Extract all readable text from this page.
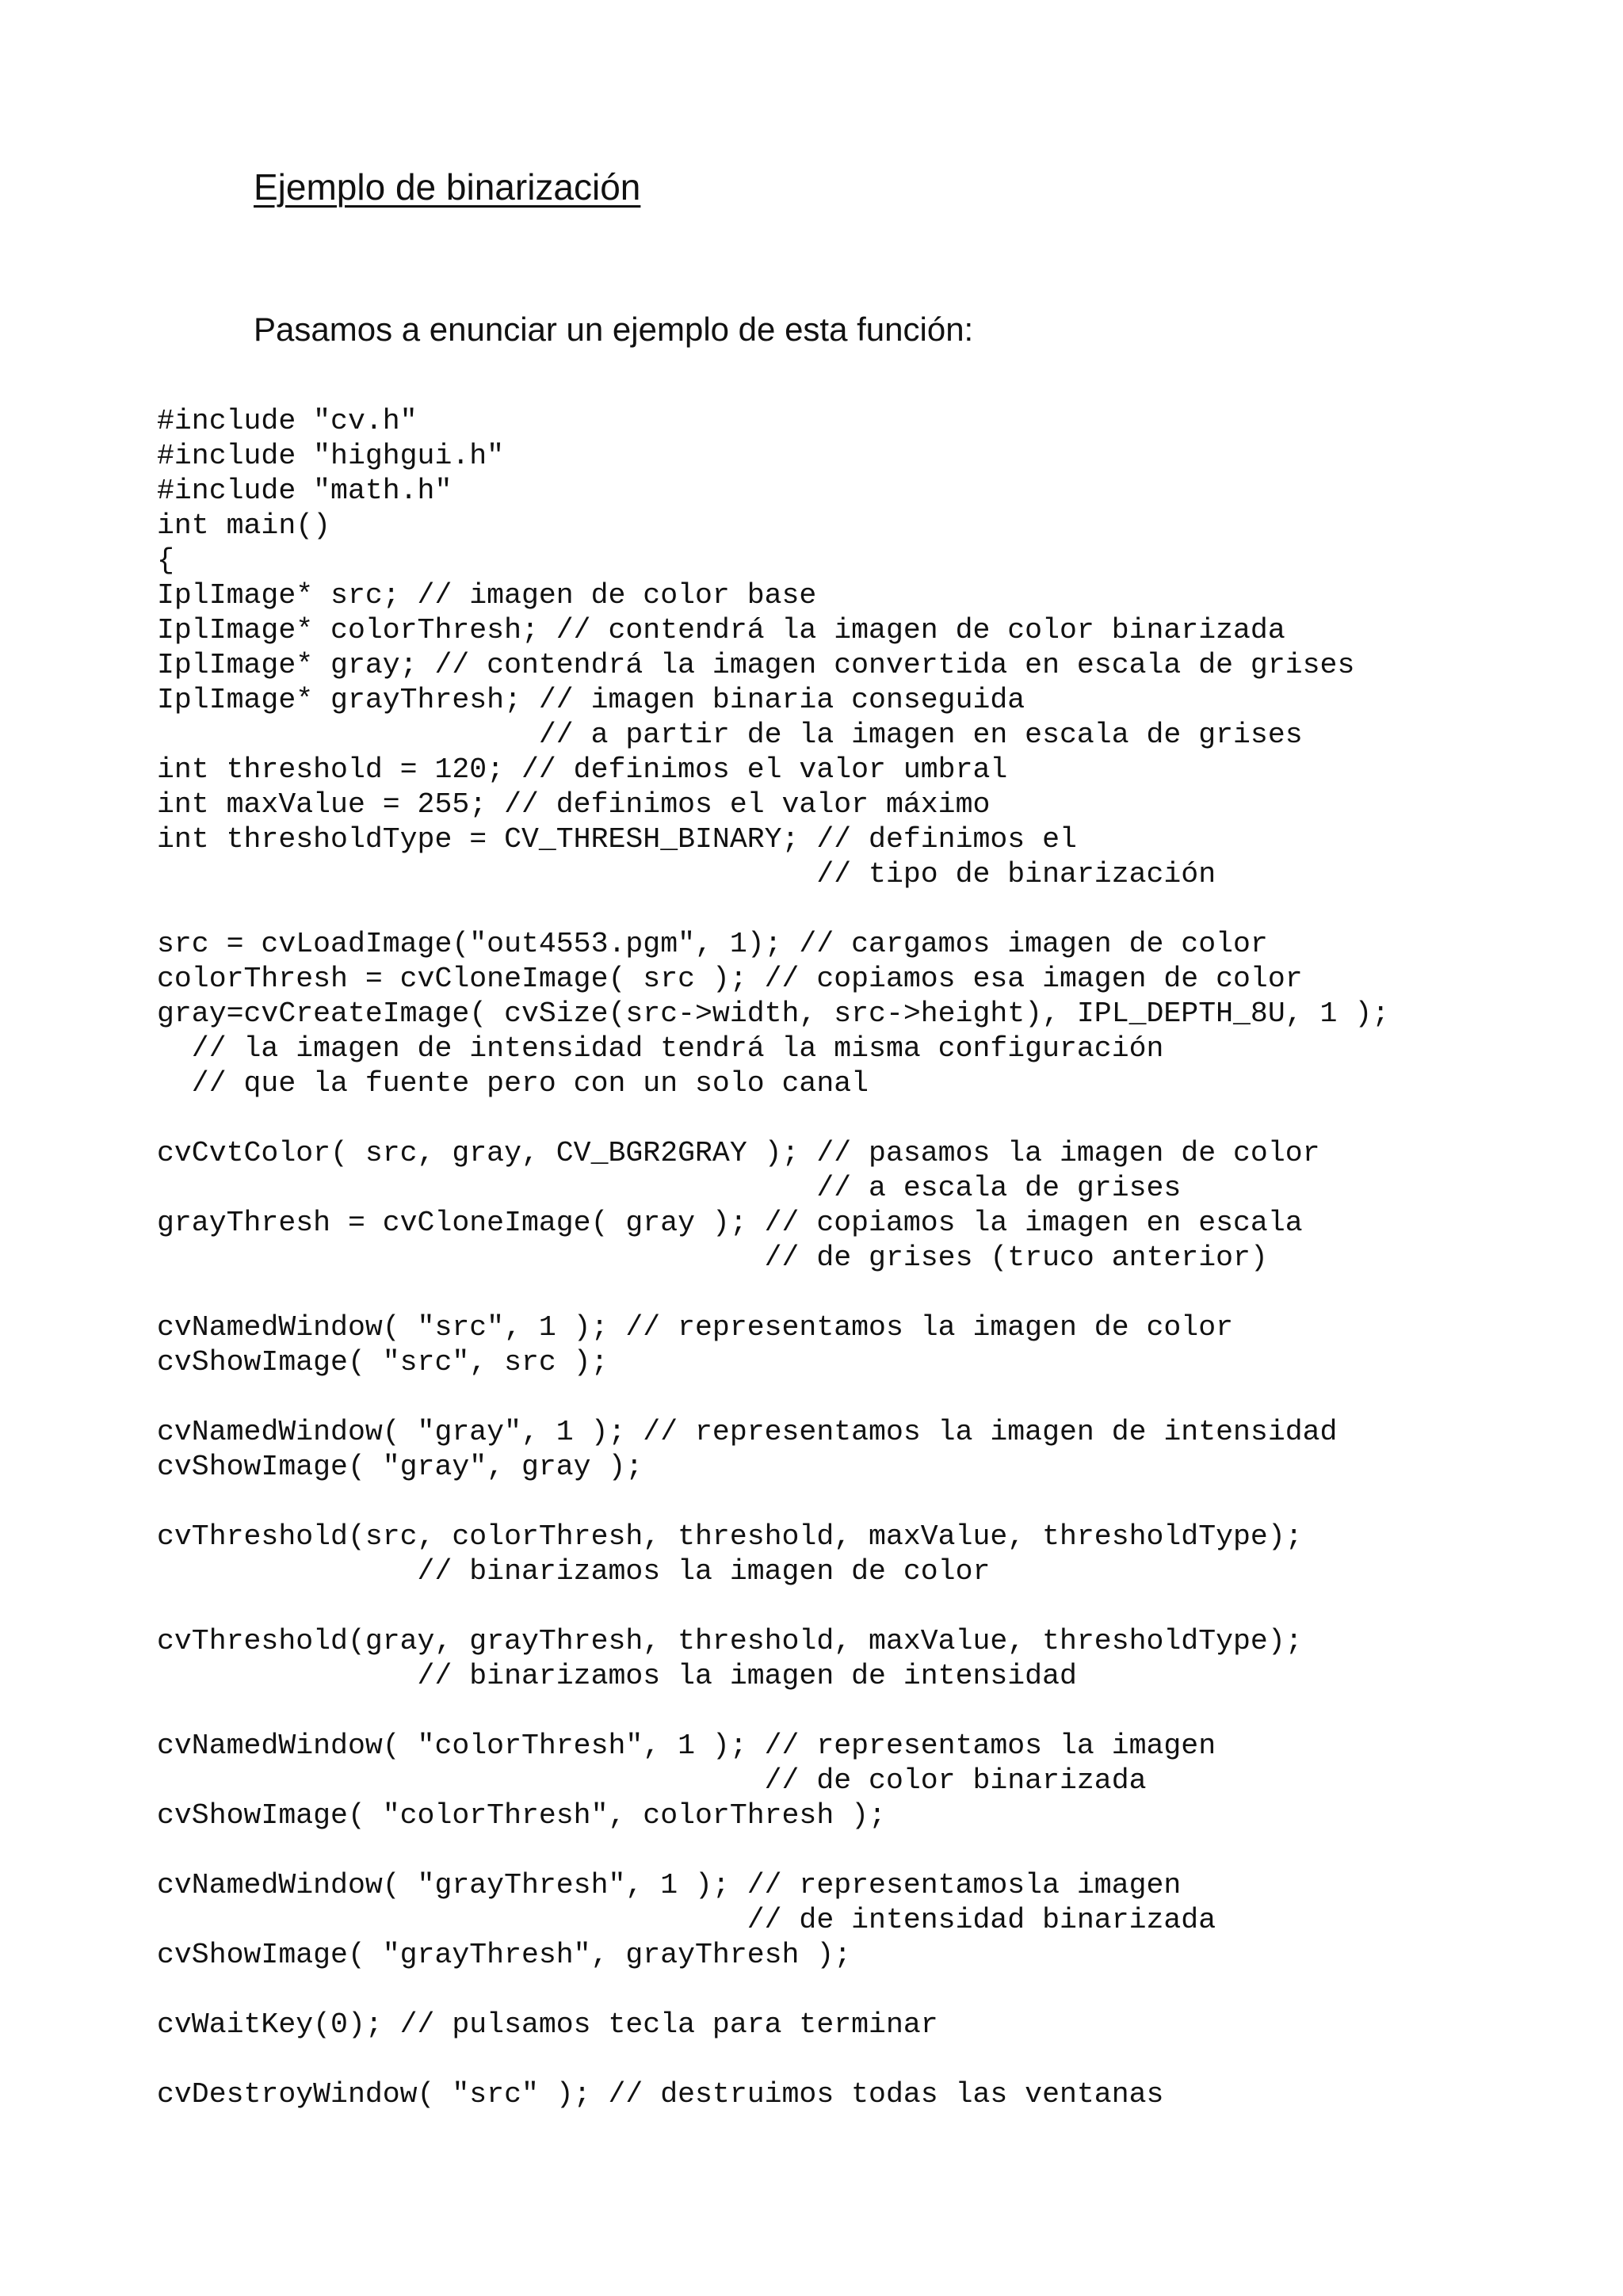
Ejemplo de binarización
Pasamos a enunciar un ejemplo de esta función:
#include "cv.h"
#include "highgui.h"
#include "math.h"
int main()
{
IplImage* src; // imagen de color base
IplImage* colorThresh; // contendrá la imagen de color binarizada
IplImage* gray; // contendrá la imagen convertida en escala de grises
IplImage* grayThresh; // imagen binaria conseguida
// a partir de la imagen en escala de grises
int threshold = 120; // definimos el valor umbral
int maxValue = 255; // definimos el valor máximo
int thresholdType = CV_THRESH_BINARY; // definimos el
// tipo de binarización
src = cvLoadImage("out4553.pgm", 1); // cargamos imagen de color
colorThresh = cvCloneImage( src ); // copiamos esa imagen de color
gray=cvCreateImage( cvSize(src->width, src->height), IPL_DEPTH_8U, 1 );
// la imagen de intensidad tendrá la misma configuración
// que la fuente pero con un solo canal
cvCvtColor( src, gray, CV_BGR2GRAY ); // pasamos la imagen de color
// a escala de grises
grayThresh = cvCloneImage( gray ); // copiamos la imagen en escala
// de grises (truco anterior)
cvNamedWindow( "src", 1 ); // representamos la imagen de color
cvShowImage( "src", src );
cvNamedWindow( "gray", 1 ); // representamos la imagen de intensidad
cvShowImage( "gray", gray );
cvThreshold(src, colorThresh, threshold, maxValue, thresholdType);
// binarizamos la imagen de color
cvThreshold(gray, grayThresh, threshold, maxValue, thresholdType);
// binarizamos la imagen de intensidad
cvNamedWindow( "colorThresh", 1 ); // representamos la imagen
// de color binarizada
cvShowImage( "colorThresh", colorThresh );
cvNamedWindow( "grayThresh", 1 ); // representamosla imagen
// de intensidad binarizada
cvShowImage( "grayThresh", grayThresh );
cvWaitKey(0); // pulsamos tecla para terminar
cvDestroyWindow( "src" ); // destruimos todas las ventanas
